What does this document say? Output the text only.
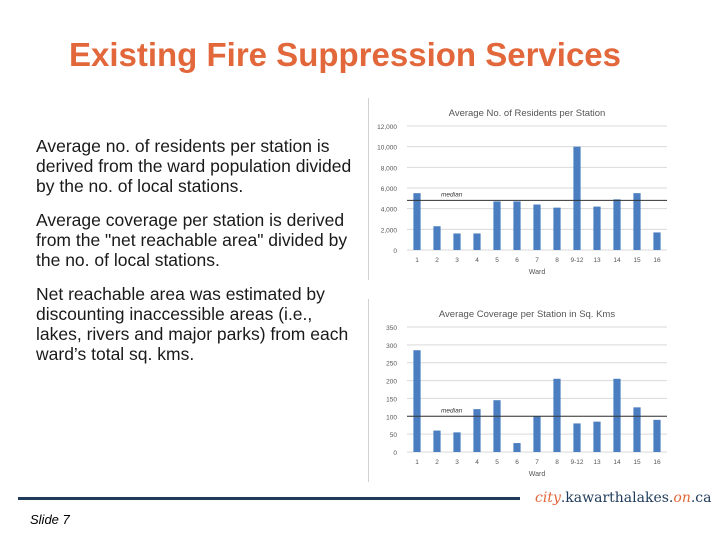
Existing Fire Suppression Services

Average no. of residents per station is derived from the ward population divided by the no. of local stations.

Average coverage per station is derived from the "net reachable area" divided by the no. of local stations.

Net reachable area was estimated by discounting inaccessible areas (i.e., lakes, rivers and major parks) from each ward’s total sq. kms.

Average No. of Residents per Station
0
2,000
4,000
6,000
8,000
10,000
12,000
1	2	3	4	5	6	7	8 9-12 13 14 15 16
median
Ward
Average Coverage per Station in Sq. Kms
0
50
100
150
200
250
300
350
1	2	3	4	5	6	7	8 9-12 13 14 15 16
median
Ward
city.kawarthalakes.on.ca
Slide 7
